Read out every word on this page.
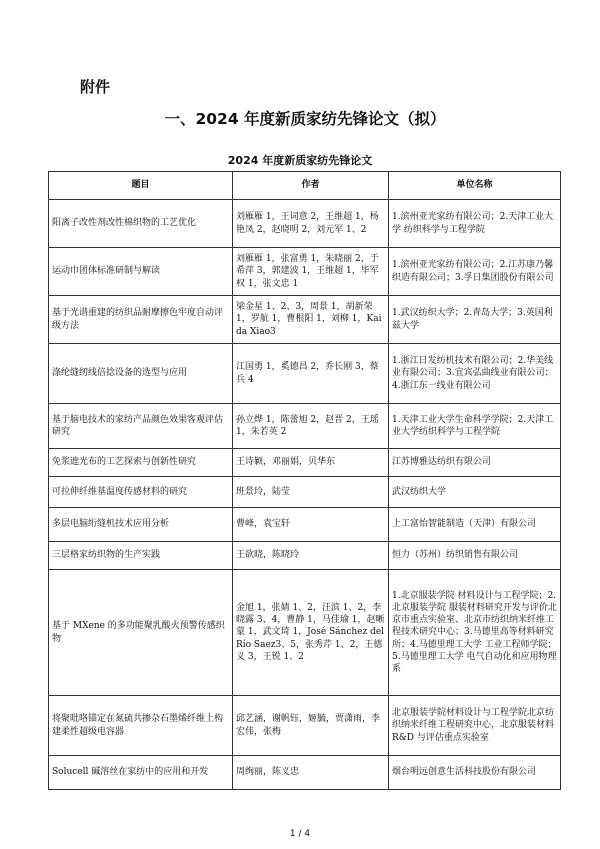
附件
一、2024 年度新质家纺先锋论文（拟）
2024 年度新质家纺先锋论文
题目	作者	单位名称
阳离子改性剂改性棉织物的工艺优化	刘雁雁 1，王词意 2，王维超 1，杨艳凤 2，赵晓明 2，刘元军 1、2	1.滨州亚光家纺有限公司；2.天津工业大学 纺织科学与工程学院
运动巾团体标准研制与解读	刘雁雁 1，张富勇 1，朱晓丽 2，于希萍 3，郭建波 1，王维超 1，毕军权 1，张文忠 1	1.滨州亚光家纺有限公司；2.江苏康乃馨织造有限公司；3.孚日集团股份有限公司
基于光谱重建的纺织品耐摩擦色牢度自动评级方法	梁金星 1、2、3，周景 1，胡新荣 1，罗航 1，曹根阳 1，刘柳 1，Kaida Xiao3	1.武汉纺织大学；2.青岛大学；3.英国利兹大学
涤纶缝纫线倍捻设备的选型与应用	江国勇 1，奚德昌 2，乔长刚 3，蔡兵 4	1.浙江日发纺机技术有限公司；2.华美线业有限公司；3.宜宾弘曲线业有限公司；4.浙江东一线业有限公司
基于脑电技术的家纺产品颜色效果客观评估研究	孙立烨 1，陈蕾旭 2，赵晋 2，王瑶 1，朱若英 2	1.天津工业大学生命科学学院；2.天津工业大学纺织科学与工程学院
免浆遮光布的工艺探索与创新性研究	王诗颖，邓丽娟，贝华东	江苏博雅达纺织有限公司
可拉伸纤维基温度传感材料的研究	班景玲，陆莹	武汉纺织大学
多层电脑绗缝机技术应用分析	曹峰，袁宝轩	上工富怡智能制造（天津）有限公司
三层格家纺织物的生产实践	王欲晓，陈晓玲	恒力（苏州）纺织销售有限公司
基于 MXene 的多功能聚乳酸火预警传感织物	金旭 1，张婧 1、2，汪滨 1、2，李晓露 3、4，曹静 1，马佳瑜 1，赵晰蒙 1，武文琦 1，José Sánchez delRío Saez3、5，张秀芹 1、2，王德义 3，王锐 1、2	1.北京服装学院 材料设计与工程学院；2.北京服装学院 服装材料研究开发与评价北京市重点实验室、北京市纺织纳米纤维工程技术研究中心；3.马德里高等材料研究所；4.马德里理工大学 工业工程师学院；5.马德里理工大学 电气自动化和应用物理系
将聚吡咯锚定在氮硫共掺杂石墨烯纤维上构建柔性超级电容器	邱艺涵，谢帆钰，姬毓，贾潇雨，李宏伟，张梅	北京服装学院材料设计与工程学院北京纺织纳米纤维工程研究中心，北京服装材料 R&D 与评估重点实验室
Solucell 碱溶丝在家纺中的应用和开发	周绚丽，陈义忠	烟台明远创意生活科技股份有限公司
1 / 4
